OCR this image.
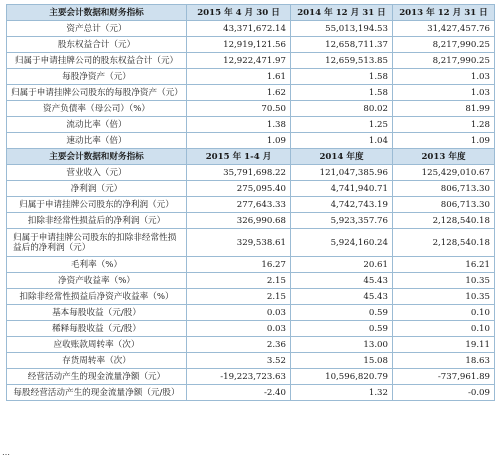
主要会计数据和财务指标	2015 年 4 月 30 日	2014 年 12 月 31 日	2013 年 12 月 31 日
资产总计（元）	43,371,672.14	55,013,194.53	31,427,457.76
股东权益合计（元）	12,919,121.56	12,658,711.37	8,217,990.25
归属于申请挂牌公司的股东权益合计（元）	12,922,471.97	12,659,513.85	8,217,990.25
每股净资产（元）	1.61	1.58	1.03
归属于申请挂牌公司股东的每股净资产（元）	1.62	1.58	1.03
资产负债率（母公司）（%）	70.50	80.02	81.99
流动比率（倍）	1.38	1.25	1.28
速动比率（倍）	1.09	1.04	1.09
主要会计数据和财务指标	2015 年 1-4 月	2014 年度	2013 年度
营业收入（元）	35,791,698.22	121,047,385.96	125,429,010.67
净利润（元）	275,095.40	4,741,940.71	806,713.30
归属于申请挂牌公司股东的净利润（元）	277,643.33	4,742,743.19	806,713.30
扣除非经常性损益后的净利润（元）	326,990.68	5,923,357.76	2,128,540.18
归属于申请挂牌公司股东的扣除非经常性损益后的净利润（元）	329,538.61	5,924,160.24	2,128,540.18
毛利率（%）	16.27	20.61	16.21
净资产收益率（%）	2.15	45.43	10.35
扣除非经常性损益后净资产收益率（%）	2.15	45.43	10.35
基本每股收益（元/股）	0.03	0.59	0.10
稀释每股收益（元/股）	0.03	0.59	0.10
应收账款周转率（次）	2.36	13.00	19.11
存货周转率（次）	3.52	15.08	18.63
经营活动产生的现金流量净额（元）	-19,223,723.63	10,596,820.79	-737,961.89
每股经营活动产生的现金流量净额（元/股）	-2.40	1.32	-0.09
…
